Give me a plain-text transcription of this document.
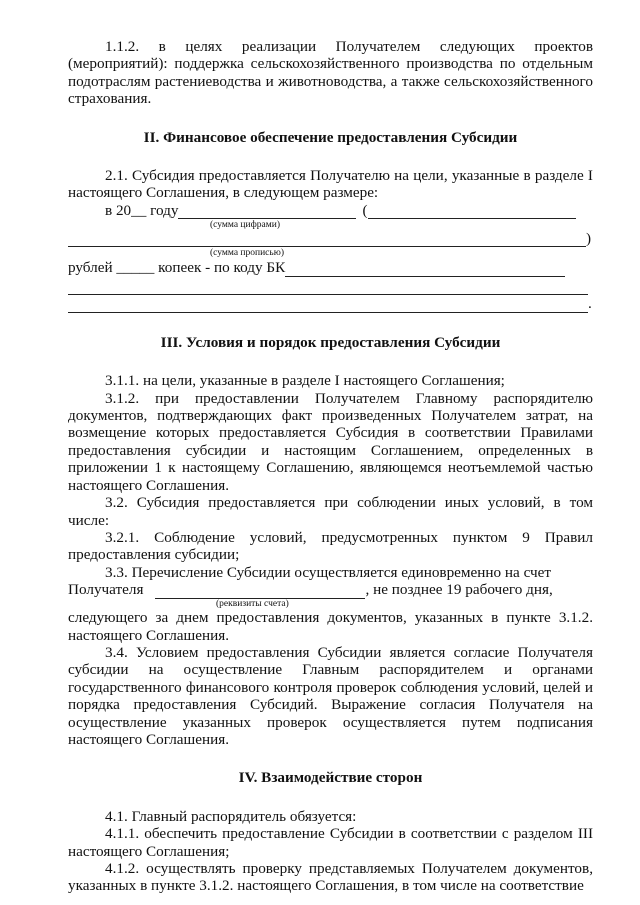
1.1.2. в целях реализации Получателем следующих проектов (мероприятий): поддержка сельскохозяйственного производства по отдельным подотраслям растениеводства и животноводства, а также сельскохозяйственного страхования.

II. Финансовое обеспечение предоставления Субсидии

2.1. Субсидия предоставляется Получателю на цели, указанные в разделе I настоящего Соглашения, в следующем размере:

в 20__ году	(
(сумма цифрами)
)
(сумма прописью)
рублей _____ копеек - по коду БК
.

III. Условия и порядок предоставления Субсидии

3.1.1. на цели, указанные в разделе I настоящего Соглашения;

3.1.2. при предоставлении Получателем Главному распорядителю документов, подтверждающих факт произведенных Получателем затрат, на возмещение которых предоставляется Субсидия в соответствии Правилами предоставления субсидии и настоящим Соглашением, определенных в приложении 1 к настоящему Соглашению, являющемся неотъемлемой частью настоящего Соглашения.

3.2. Субсидия предоставляется при соблюдении иных условий, в том числе:

3.2.1. Соблюдение условий, предусмотренных пунктом 9 Правил предоставления субсидии;

3.3. Перечисление Субсидии осуществляется единовременно на счет

Получателя	, не позднее 19 рабочего дня,
(реквизиты счета)

следующего за днем предоставления документов, указанных в пункте 3.1.2. настоящего Соглашения.

3.4. Условием предоставления Субсидии является согласие Получателя субсидии на осуществление Главным распорядителем и органами государственного финансового контроля проверок соблюдения условий, целей и порядка предоставления Субсидий. Выражение согласия Получателя на осуществление указанных проверок осуществляется путем подписания настоящего Соглашения.

IV. Взаимодействие сторон

4.1. Главный распорядитель обязуется:

4.1.1. обеспечить предоставление Субсидии в соответствии с разделом III настоящего Соглашения;

4.1.2. осуществлять проверку представляемых Получателем документов, указанных в пункте 3.1.2. настоящего Соглашения, в том числе на соответствие
